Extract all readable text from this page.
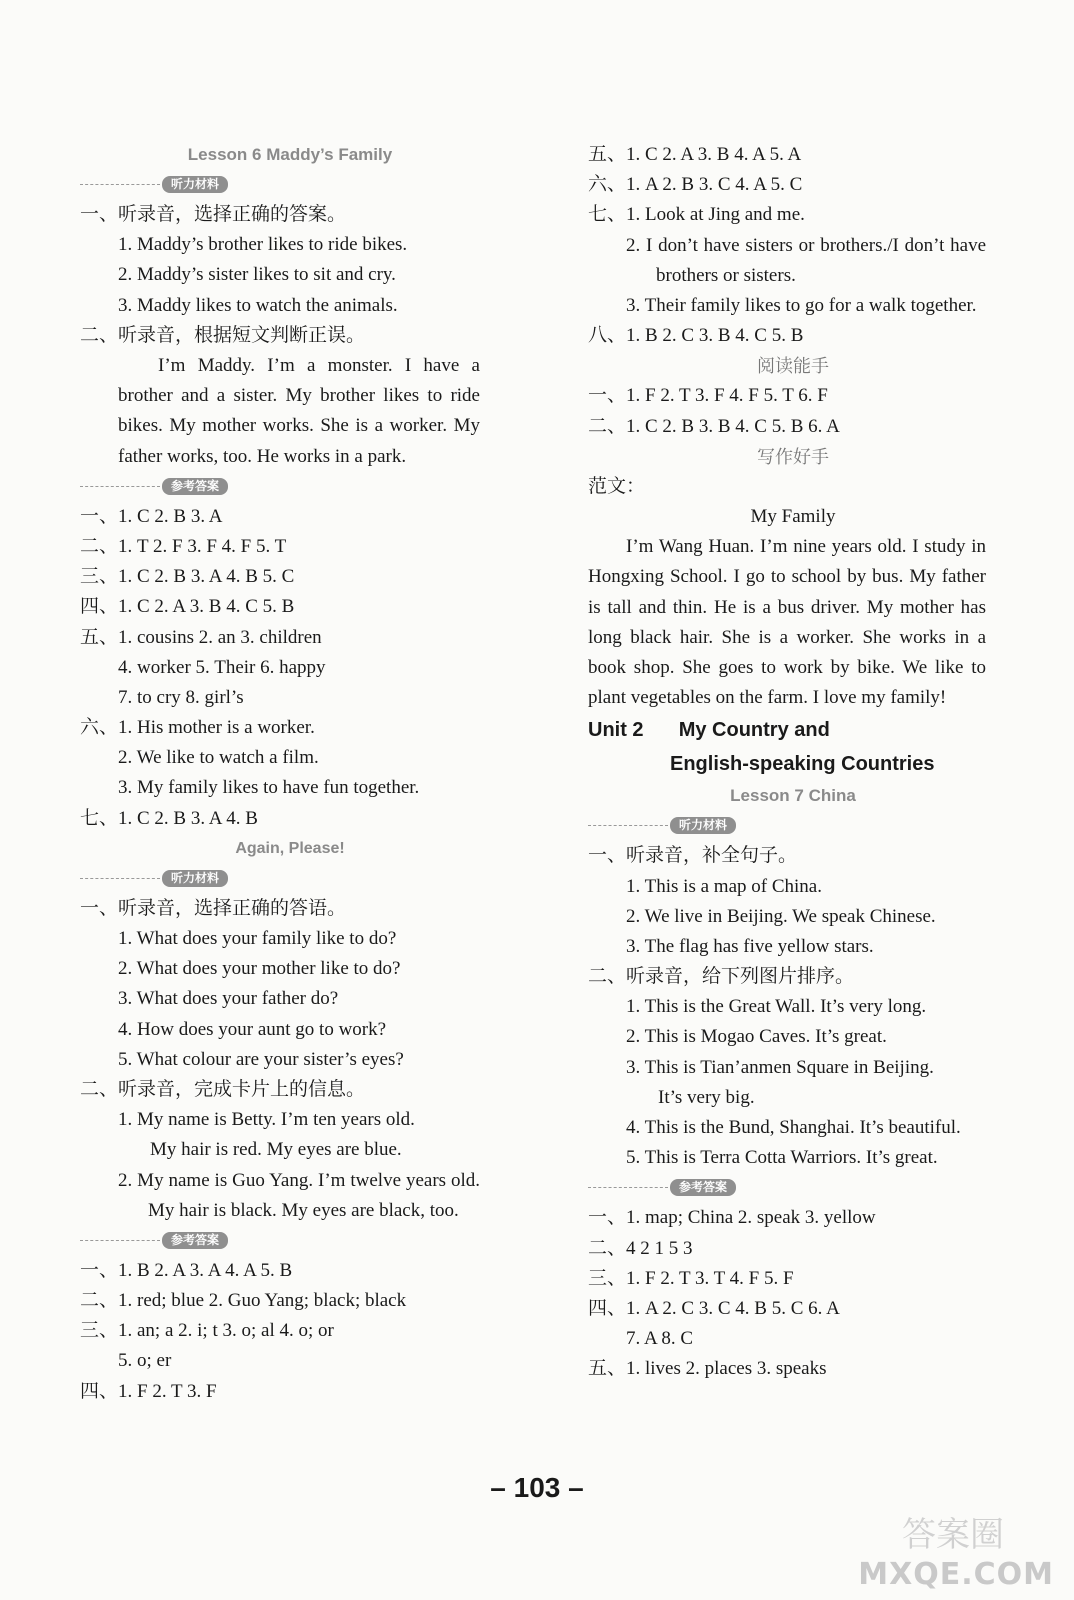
Lesson 6 Maddy’s Family
听力材料
一、听录音，选择正确的答案。
1. Maddy’s brother likes to ride bikes.
2. Maddy’s sister likes to sit and cry.
3. Maddy likes to watch the animals.
二、听录音，根据短文判断正误。
I’m Maddy. I’m a monster. I have a brother and a sister. My brother likes to ride bikes. My mother works. She is a worker. My father works, too. He works in a park.
参考答案
一、1. C 2. B 3. A
二、1. T 2. F 3. F 4. F 5. T
三、1. C 2. B 3. A 4. B 5. C
四、1. C 2. A 3. B 4. C 5. B
五、1. cousins 2. an 3. children
4. worker 5. Their 6. happy
7. to cry 8. girl’s
六、1. His mother is a worker.
2. We like to watch a film.
3. My family likes to have fun together.
七、1. C 2. B 3. A 4. B
Again, Please!
听力材料
一、听录音，选择正确的答语。
1. What does your family like to do?
2. What does your mother like to do?
3. What does your father do?
4. How does your aunt go to work?
5. What colour are your sister’s eyes?
二、听录音，完成卡片上的信息。
1. My name is Betty. I’m ten years old.
My hair is red. My eyes are blue.
2. My name is Guo Yang. I’m twelve years old. My hair is black. My eyes are black, too.
参考答案
一、1. B 2. A 3. A 4. A 5. B
二、1. red; blue 2. Guo Yang; black; black
三、1. an; a 2. i; t 3. o; al 4. o; or
5. o; er
四、1. F 2. T 3. F
五、1. C 2. A 3. B 4. A 5. A
六、1. A 2. B 3. C 4. A 5. C
七、1. Look at Jing and me.
2. I don’t have sisters or brothers./I don’t have brothers or sisters.
3. Their family likes to go for a walk together.
八、1. B 2. C 3. B 4. C 5. B
阅读能手
一、1. F 2. T 3. F 4. F 5. T 6. F
二、1. C 2. B 3. B 4. C 5. B 6. A
写作好手
范文：
My Family
I’m Wang Huan. I’m nine years old. I study in Hongxing School. I go to school by bus. My father is tall and thin. He is a bus driver. My mother has long black hair. She is a worker. She works in a book shop. She goes to work by bike. We like to plant vegetables on the farm. I love my family!
Unit 2 My Country and
English-speaking Countries
Lesson 7 China
听力材料
一、听录音，补全句子。
1. This is a map of China.
2. We live in Beijing. We speak Chinese.
3. The flag has five yellow stars.
二、听录音，给下列图片排序。
1. This is the Great Wall. It’s very long.
2. This is Mogao Caves. It’s great.
3. This is Tian’anmen Square in Beijing.
It’s very big.
4. This is the Bund, Shanghai. It’s beautiful.
5. This is Terra Cotta Warriors. It’s great.
参考答案
一、1. map; China 2. speak 3. yellow
二、4 2 1 5 3
三、1. F 2. T 3. T 4. F 5. F
四、1. A 2. C 3. C 4. B 5. C 6. A
7. A 8. C
五、1. lives 2. places 3. speaks
– 103 –
答案圈
MXQE.COM
